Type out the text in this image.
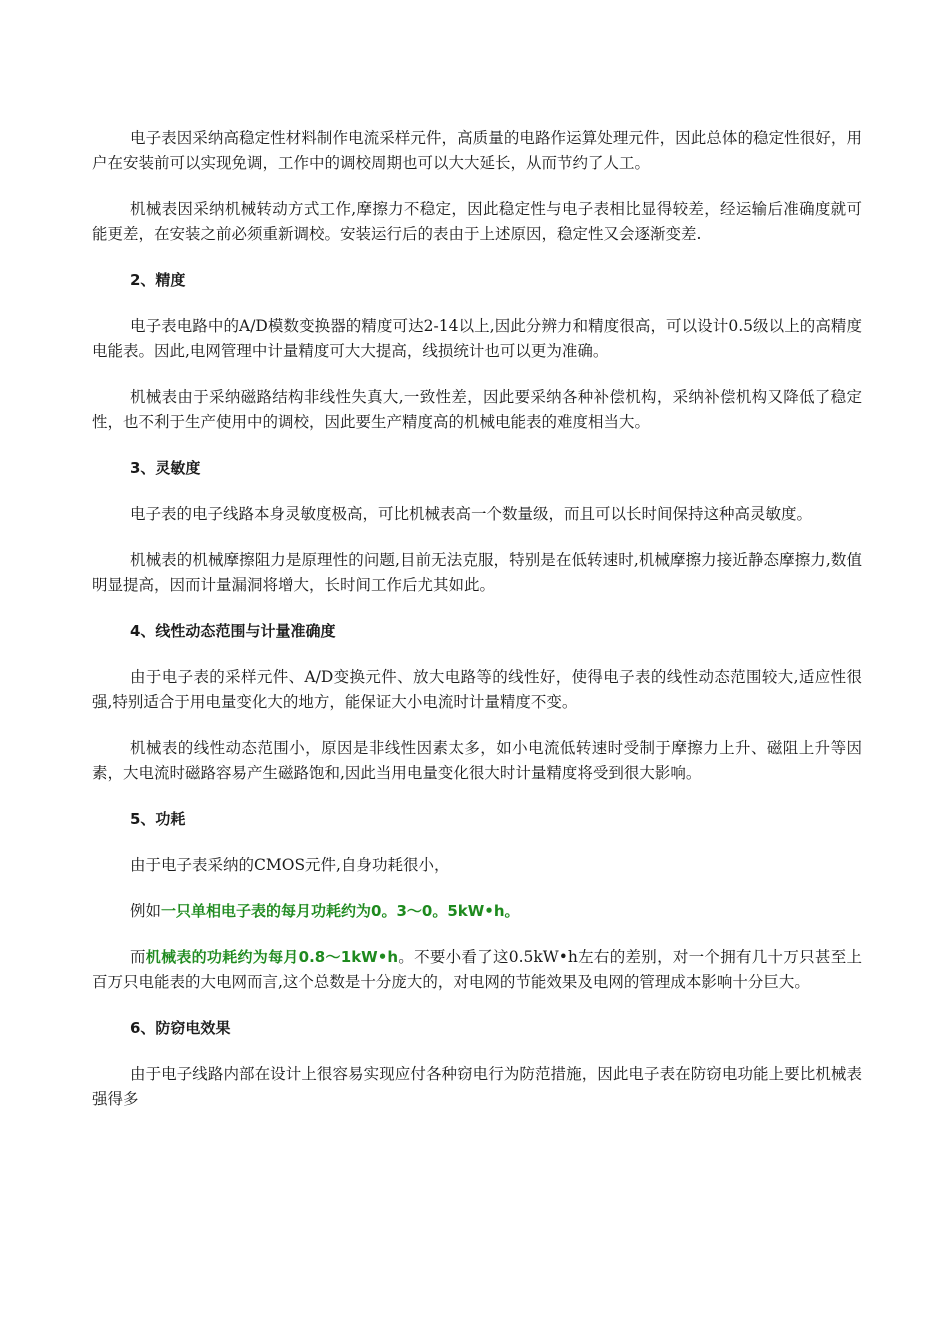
电子表因采纳高稳定性材料制作电流采样元件，高质量的电路作运算处理元件，因此总体的稳定性很好，用户在安装前可以实现免调，工作中的调校周期也可以大大延长，从而节约了人工。

机械表因采纳机械转动方式工作,摩擦力不稳定，因此稳定性与电子表相比显得较差，经运输后准确度就可能更差，在安装之前必须重新调校。安装运行后的表由于上述原因，稳定性又会逐渐变差.

2、精度

电子表电路中的A/D模数变换器的精度可达2-14以上,因此分辨力和精度很高，可以设计0.5级以上的高精度电能表。因此,电网管理中计量精度可大大提高，线损统计也可以更为准确。

机械表由于采纳磁路结构非线性失真大,一致性差，因此要采纳各种补偿机构，采纳补偿机构又降低了稳定性，也不利于生产使用中的调校，因此要生产精度高的机械电能表的难度相当大。

3、灵敏度

电子表的电子线路本身灵敏度极高，可比机械表高一个数量级，而且可以长时间保持这种高灵敏度。

机械表的机械摩擦阻力是原理性的问题,目前无法克服，特别是在低转速时,机械摩擦力接近静态摩擦力,数值明显提高，因而计量漏洞将增大，长时间工作后尤其如此。

4、线性动态范围与计量准确度

由于电子表的采样元件、A/D变换元件、放大电路等的线性好，使得电子表的线性动态范围较大,适应性很强,特别适合于用电量变化大的地方，能保证大小电流时计量精度不变。

机械表的线性动态范围小，原因是非线性因素太多，如小电流低转速时受制于摩擦力上升、磁阻上升等因素，大电流时磁路容易产生磁路饱和,因此当用电量变化很大时计量精度将受到很大影响。

5、功耗

由于电子表采纳的CMOS元件,自身功耗很小，

例如一只单相电子表的每月功耗约为0。3～0。5kW•h。

而机械表的功耗约为每月0.8～1kW•h。不要小看了这0.5kW•h左右的差别，对一个拥有几十万只甚至上百万只电能表的大电网而言,这个总数是十分庞大的，对电网的节能效果及电网的管理成本影响十分巨大。

6、防窃电效果

由于电子线路内部在设计上很容易实现应付各种窃电行为防范措施，因此电子表在防窃电功能上要比机械表强得多
